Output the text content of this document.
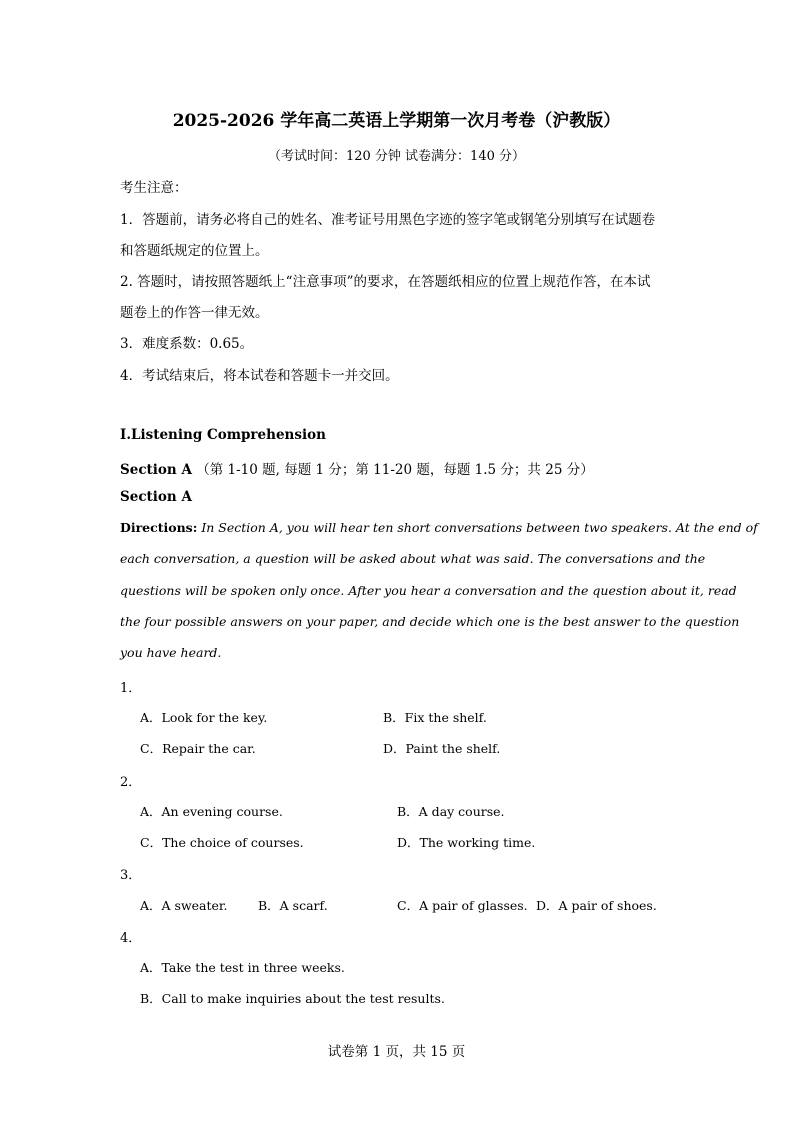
2025-2026 学年高二英语上学期第一次月考卷（沪教版）
（考试时间：120 分钟 试卷满分：140 分）
考生注意：
1．答题前，请务必将自己的姓名、准考证号用黑色字迹的签字笔或钢笔分别填写在试题卷
和答题纸规定的位置上。
2. 答题时，请按照答题纸上“注意事项”的要求，在答题纸相应的位置上规范作答，在本试
题卷上的作答一律无效。
3．难度系数：0.65。
4．考试结束后，将本试卷和答题卡一并交回。
I.Listening Comprehension
Section A （第 1-10 题, 每题 1 分；第 11-20 题，每题 1.5 分；共 25 分）
Section A
Directions: In Section A, you will hear ten short conversations between two speakers. At the end of
each conversation, a question will be asked about what was said. The conversations and the
questions will be spoken only once. After you hear a conversation and the question about it, read
the four possible answers on your paper, and decide which one is the best answer to the question
you have heard.
1．
A．Look for the key.	B．Fix the shelf.
C．Repair the car.	D．Paint the shelf.
2．
A．An evening course.	B．A day course.
C．The choice of courses.	D．The working time.
3．
A．A sweater. B．A scarf.	C．A pair of glasses. D．A pair of shoes.
4．
A．Take the test in three weeks.
B．Call to make inquiries about the test results.
试卷第 1 页，共 15 页
